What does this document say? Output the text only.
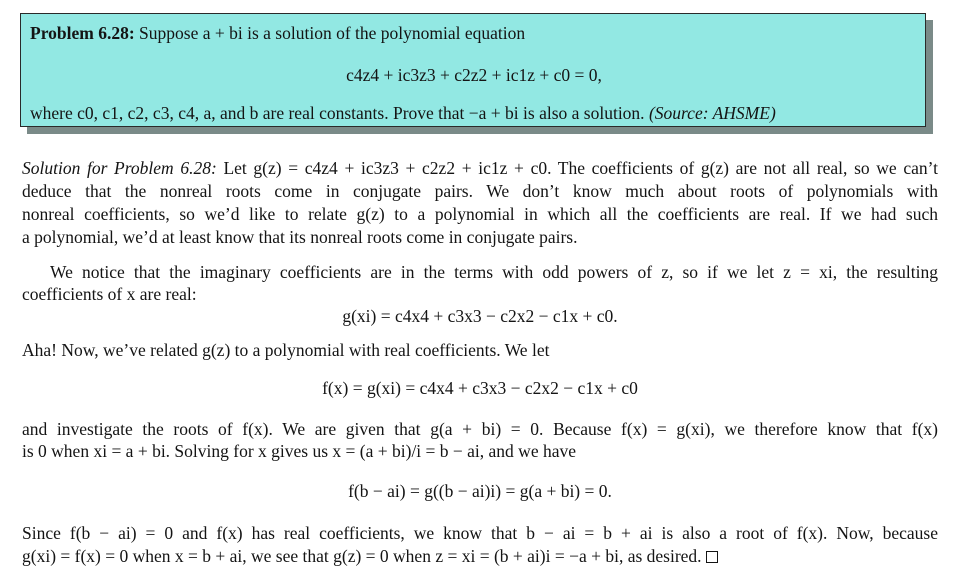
Problem 6.28: Suppose a + bi is a solution of the polynomial equation
c4z4 + ic3z3 + c2z2 + ic1z + c0 = 0,
where c0, c1, c2, c3, c4, a, and b are real constants. Prove that −a + bi is also a solution. (Source: AHSME)
Solution for Problem 6.28: Let g(z) = c4z4 + ic3z3 + c2z2 + ic1z + c0. The coefficients of g(z) are not all real, so we can’t
deduce that the nonreal roots come in conjugate pairs. We don’t know much about roots of polynomials with
nonreal coefficients, so we’d like to relate g(z) to a polynomial in which all the coefficients are real. If we had such
a polynomial, we’d at least know that its nonreal roots come in conjugate pairs.
We notice that the imaginary coefficients are in the terms with odd powers of z, so if we let z = xi, the resulting
coefficients of x are real:
g(xi) = c4x4 + c3x3 − c2x2 − c1x + c0.
Aha! Now, we’ve related g(z) to a polynomial with real coefficients. We let
f(x) = g(xi) = c4x4 + c3x3 − c2x2 − c1x + c0
and investigate the roots of f(x). We are given that g(a + bi) = 0. Because f(x) = g(xi), we therefore know that f(x)
is 0 when xi = a + bi. Solving for x gives us x = (a + bi)/i = b − ai, and we have
f(b − ai) = g((b − ai)i) = g(a + bi) = 0.
Since f(b − ai) = 0 and f(x) has real coefficients, we know that b − ai = b + ai is also a root of f(x). Now, because
g(xi) = f(x) = 0 when x = b + ai, we see that g(z) = 0 when z = xi = (b + ai)i = −a + bi, as desired.
